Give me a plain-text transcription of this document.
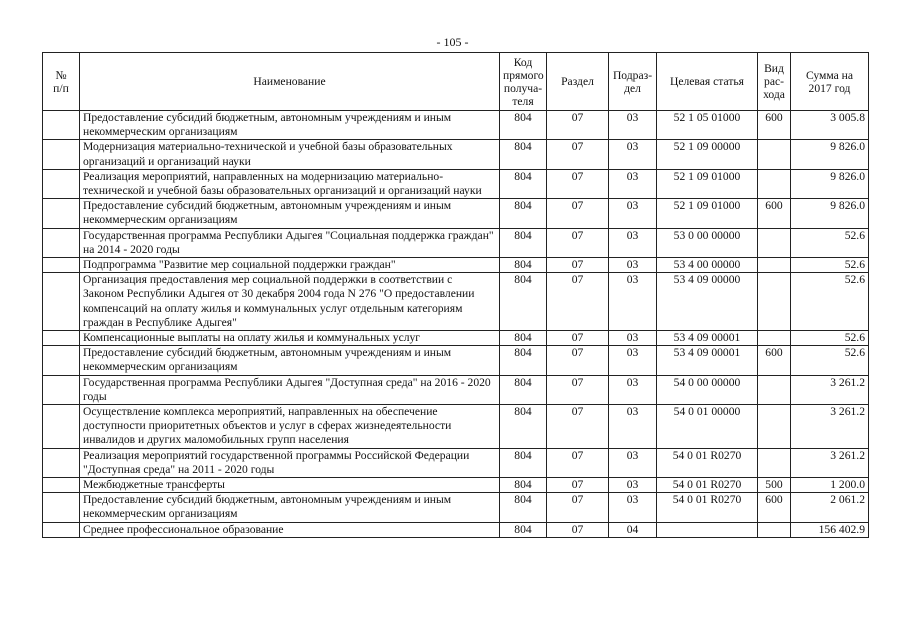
- 105 -
№
п/п	Наименование	Код
прямого
получа-
теля	Раздел	Подраз-
дел	Целевая статья	Вид
рас-
хода	Сумма на
2017 год
	Предоставление субсидий бюджетным, автономным учреждениям и иным некоммерческим организациям	804	07	03	52 1 05 01000	600	3 005.8
	Модернизация материально-технической и учебной базы образовательных организаций и организаций науки	804	07	03	52 1 09 00000		9 826.0
	Реализация мероприятий, направленных на модернизацию материально-технической и учебной базы образовательных организаций и организаций науки	804	07	03	52 1 09 01000		9 826.0
	Предоставление субсидий бюджетным, автономным учреждениям и иным некоммерческим организациям	804	07	03	52 1 09 01000	600	9 826.0
	Государственная программа Республики Адыгея "Социальная поддержка граждан" на 2014 - 2020 годы	804	07	03	53 0 00 00000		52.6
	Подпрограмма "Развитие мер социальной поддержки граждан"	804	07	03	53 4 00 00000		52.6
	Организация предоставления мер социальной поддержки в соответствии с Законом Республики Адыгея от 30 декабря 2004 года N 276 "О предоставлении компенсаций на оплату жилья и коммунальных услуг отдельным категориям граждан в Республике Адыгея"	804	07	03	53 4 09 00000		52.6
	Компенсационные выплаты на оплату жилья и коммунальных услуг	804	07	03	53 4 09 00001		52.6
	Предоставление субсидий бюджетным, автономным учреждениям и иным некоммерческим организациям	804	07	03	53 4 09 00001	600	52.6
	Государственная программа Республики Адыгея "Доступная среда" на 2016 - 2020 годы	804	07	03	54 0 00 00000		3 261.2
	Осуществление комплекса мероприятий, направленных на обеспечение доступности приоритетных объектов и услуг в сферах жизнедеятельности инвалидов и других маломобильных групп населения	804	07	03	54 0 01 00000		3 261.2
	Реализация мероприятий государственной программы Российской Федерации "Доступная среда" на 2011 - 2020 годы	804	07	03	54 0 01 R0270		3 261.2
	Межбюджетные трансферты	804	07	03	54 0 01 R0270	500	1 200.0
	Предоставление субсидий бюджетным, автономным учреждениям и иным некоммерческим организациям	804	07	03	54 0 01 R0270	600	2 061.2
	Среднее профессиональное образование	804	07	04			156 402.9
